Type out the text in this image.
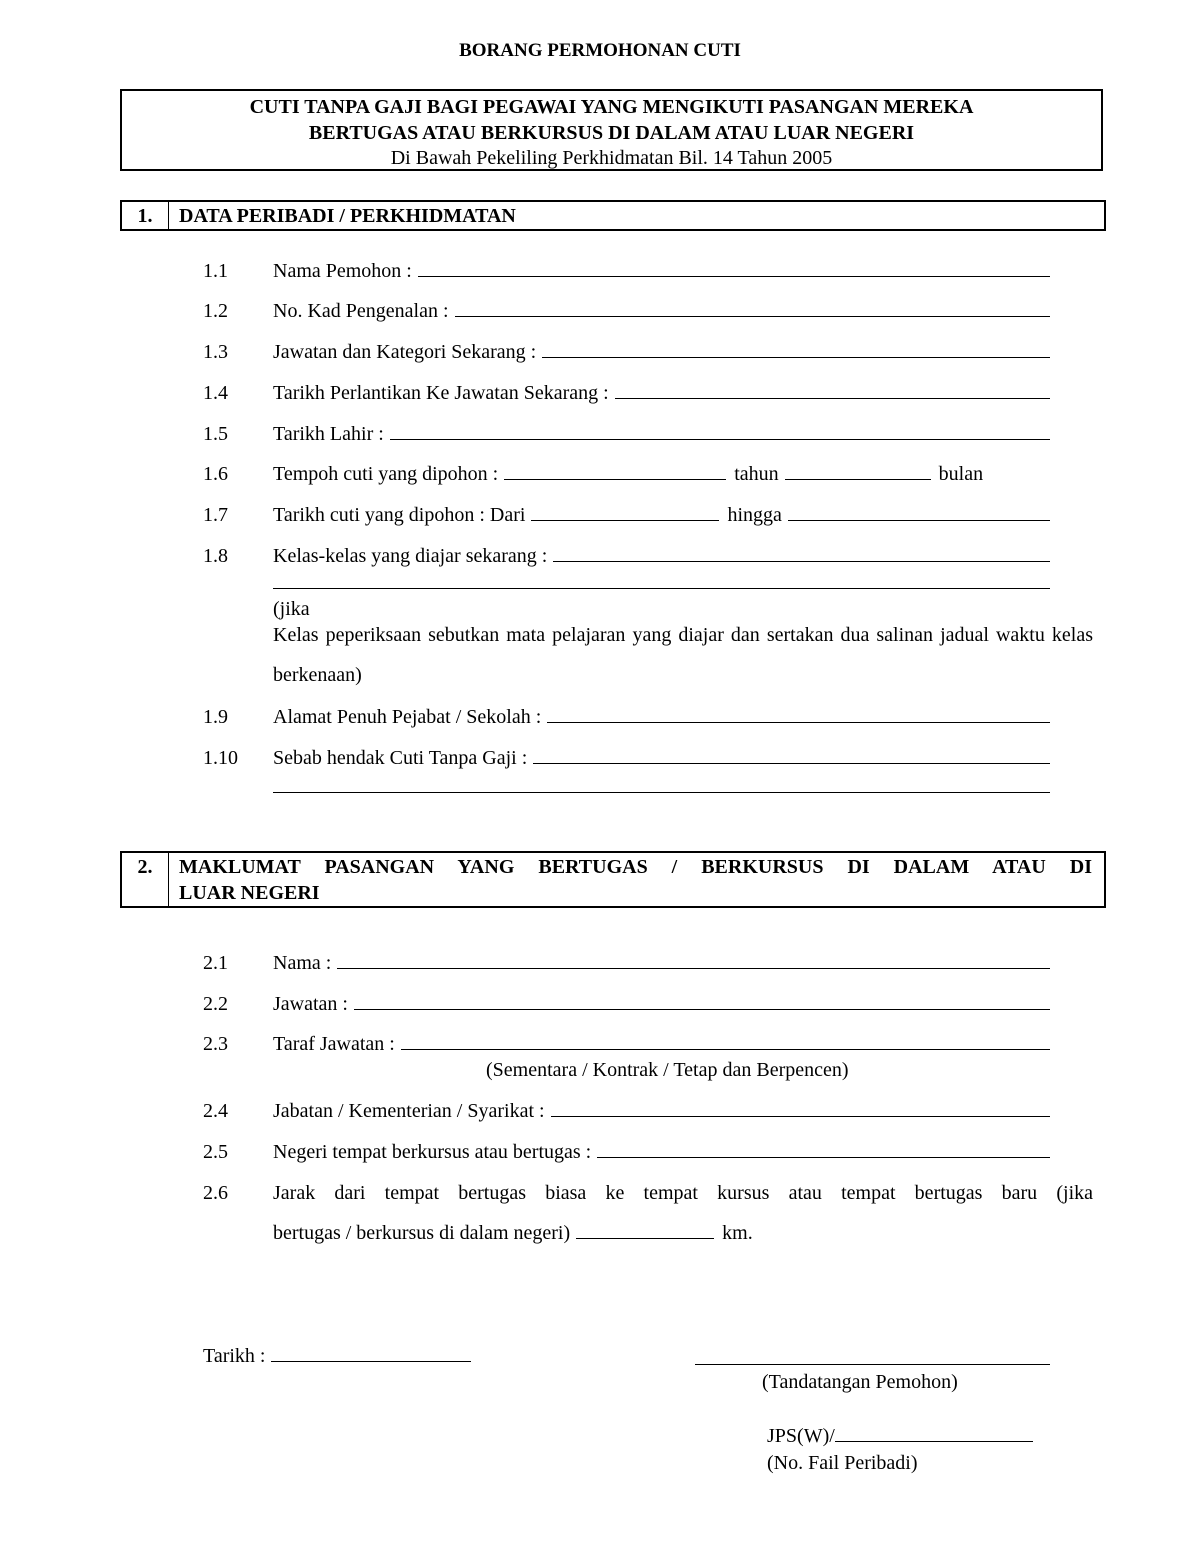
BORANG PERMOHONAN CUTI
CUTI TANPA GAJI BAGI PEGAWAI YANG MENGIKUTI PASANGAN MEREKA
BERTUGAS ATAU BERKURSUS DI DALAM ATAU LUAR NEGERI
Di Bawah Pekeliling Perkhidmatan Bil. 14 Tahun 2005
1.	DATA PERIBADI / PERKHIDMATAN
1.1 Nama Pemohon :
1.2 No. Kad Pengenalan :
1.3 Jawatan dan Kategori Sekarang :
1.4 Tarikh Perlantikan Ke Jawatan Sekarang :
1.5 Tarikh Lahir :
1.6 Tempoh cuti yang dipohon :	tahun	bulan
1.7 Tarikh cuti yang dipohon : Dari	hingga
1.8 Kelas-kelas yang diajar sekarang :
(jika
Kelas peperiksaan sebutkan mata pelajaran yang diajar dan sertakan dua salinan jadual waktu kelas berkenaan)
1.9 Alamat Penuh Pejabat / Sekolah :
1.10 Sebab hendak Cuti Tanpa Gaji :
2.	MAKLUMAT PASANGAN YANG BERTUGAS / BERKURSUS DI DALAM ATAU DI
LUAR NEGERI
2.1 Nama :
2.2 Jawatan :
2.3 Taraf Jawatan :
(Sementara / Kontrak / Tetap dan Berpencen)
2.4 Jabatan / Kementerian / Syarikat :
2.5 Negeri tempat berkursus atau bertugas :
2.6 Jarak dari tempat bertugas biasa ke tempat kursus atau tempat bertugas baru (jika
bertugas / berkursus di dalam negeri)	km.
Tarikh :
(Tandatangan Pemohon)
JPS(W)/
(No. Fail Peribadi)
